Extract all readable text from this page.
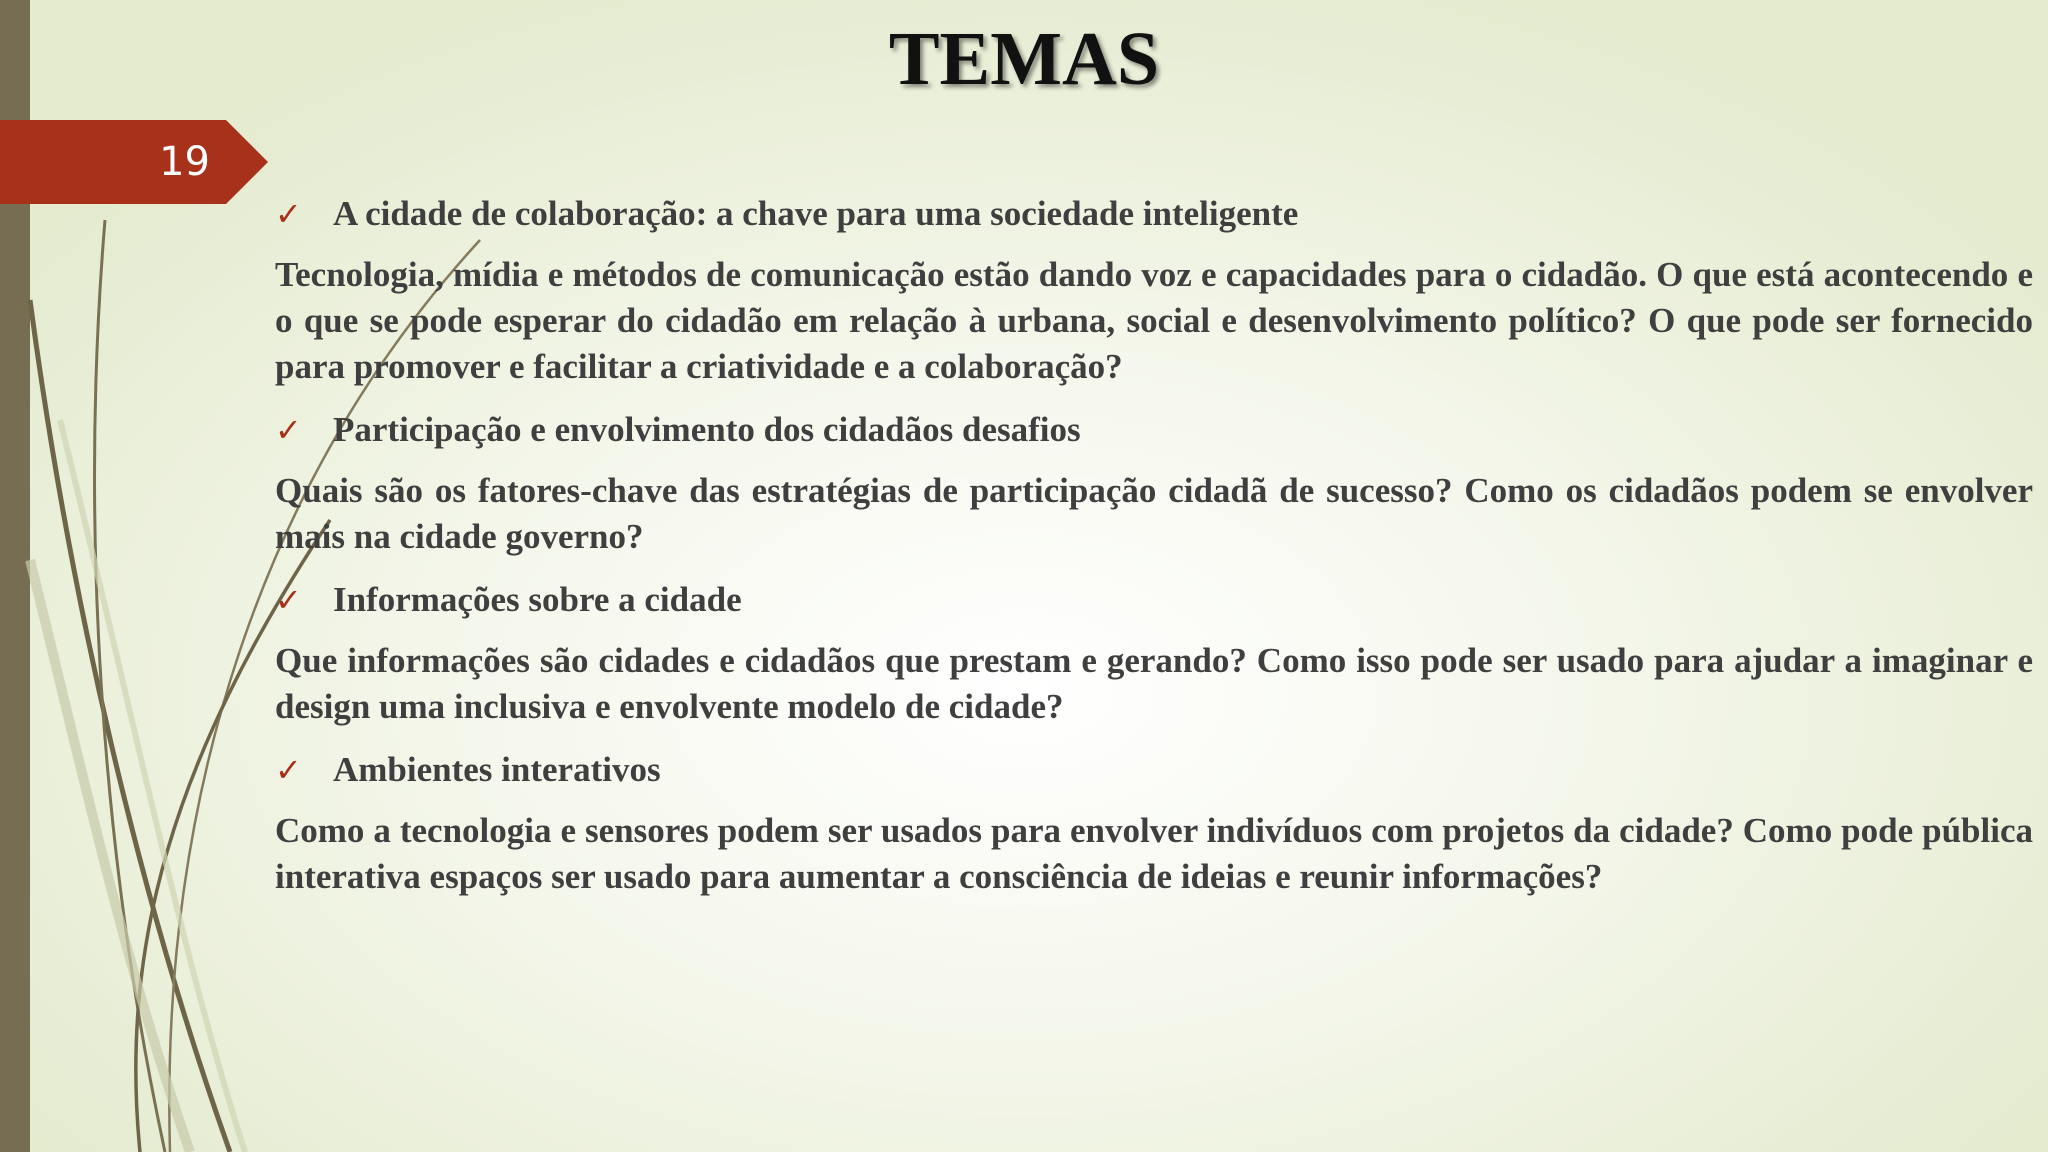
19
TEMAS
✓ A cidade de colaboração: a chave para uma sociedade inteligente
Tecnologia, mídia e métodos de comunicação estão dando voz e capacidades para o cidadão. O que está acontecendo e o que se pode esperar do cidadão em relação à urbana, social e desenvolvimento político? O que pode ser fornecido para promover e facilitar a criatividade e a colaboração?
✓ Participação e envolvimento dos cidadãos desafios
Quais são os fatores-chave das estratégias de participação cidadã de sucesso? Como os cidadãos podem se envolver mais na cidade governo?
✓ Informações sobre a cidade
Que informações são cidades e cidadãos que prestam e gerando? Como isso pode ser usado para ajudar a imaginar e design uma inclusiva e envolvente modelo de cidade?
✓ Ambientes interativos
Como a tecnologia e sensores podem ser usados para envolver indivíduos com projetos da cidade? Como pode pública interativa espaços ser usado para aumentar a consciência de ideias e reunir informações?
